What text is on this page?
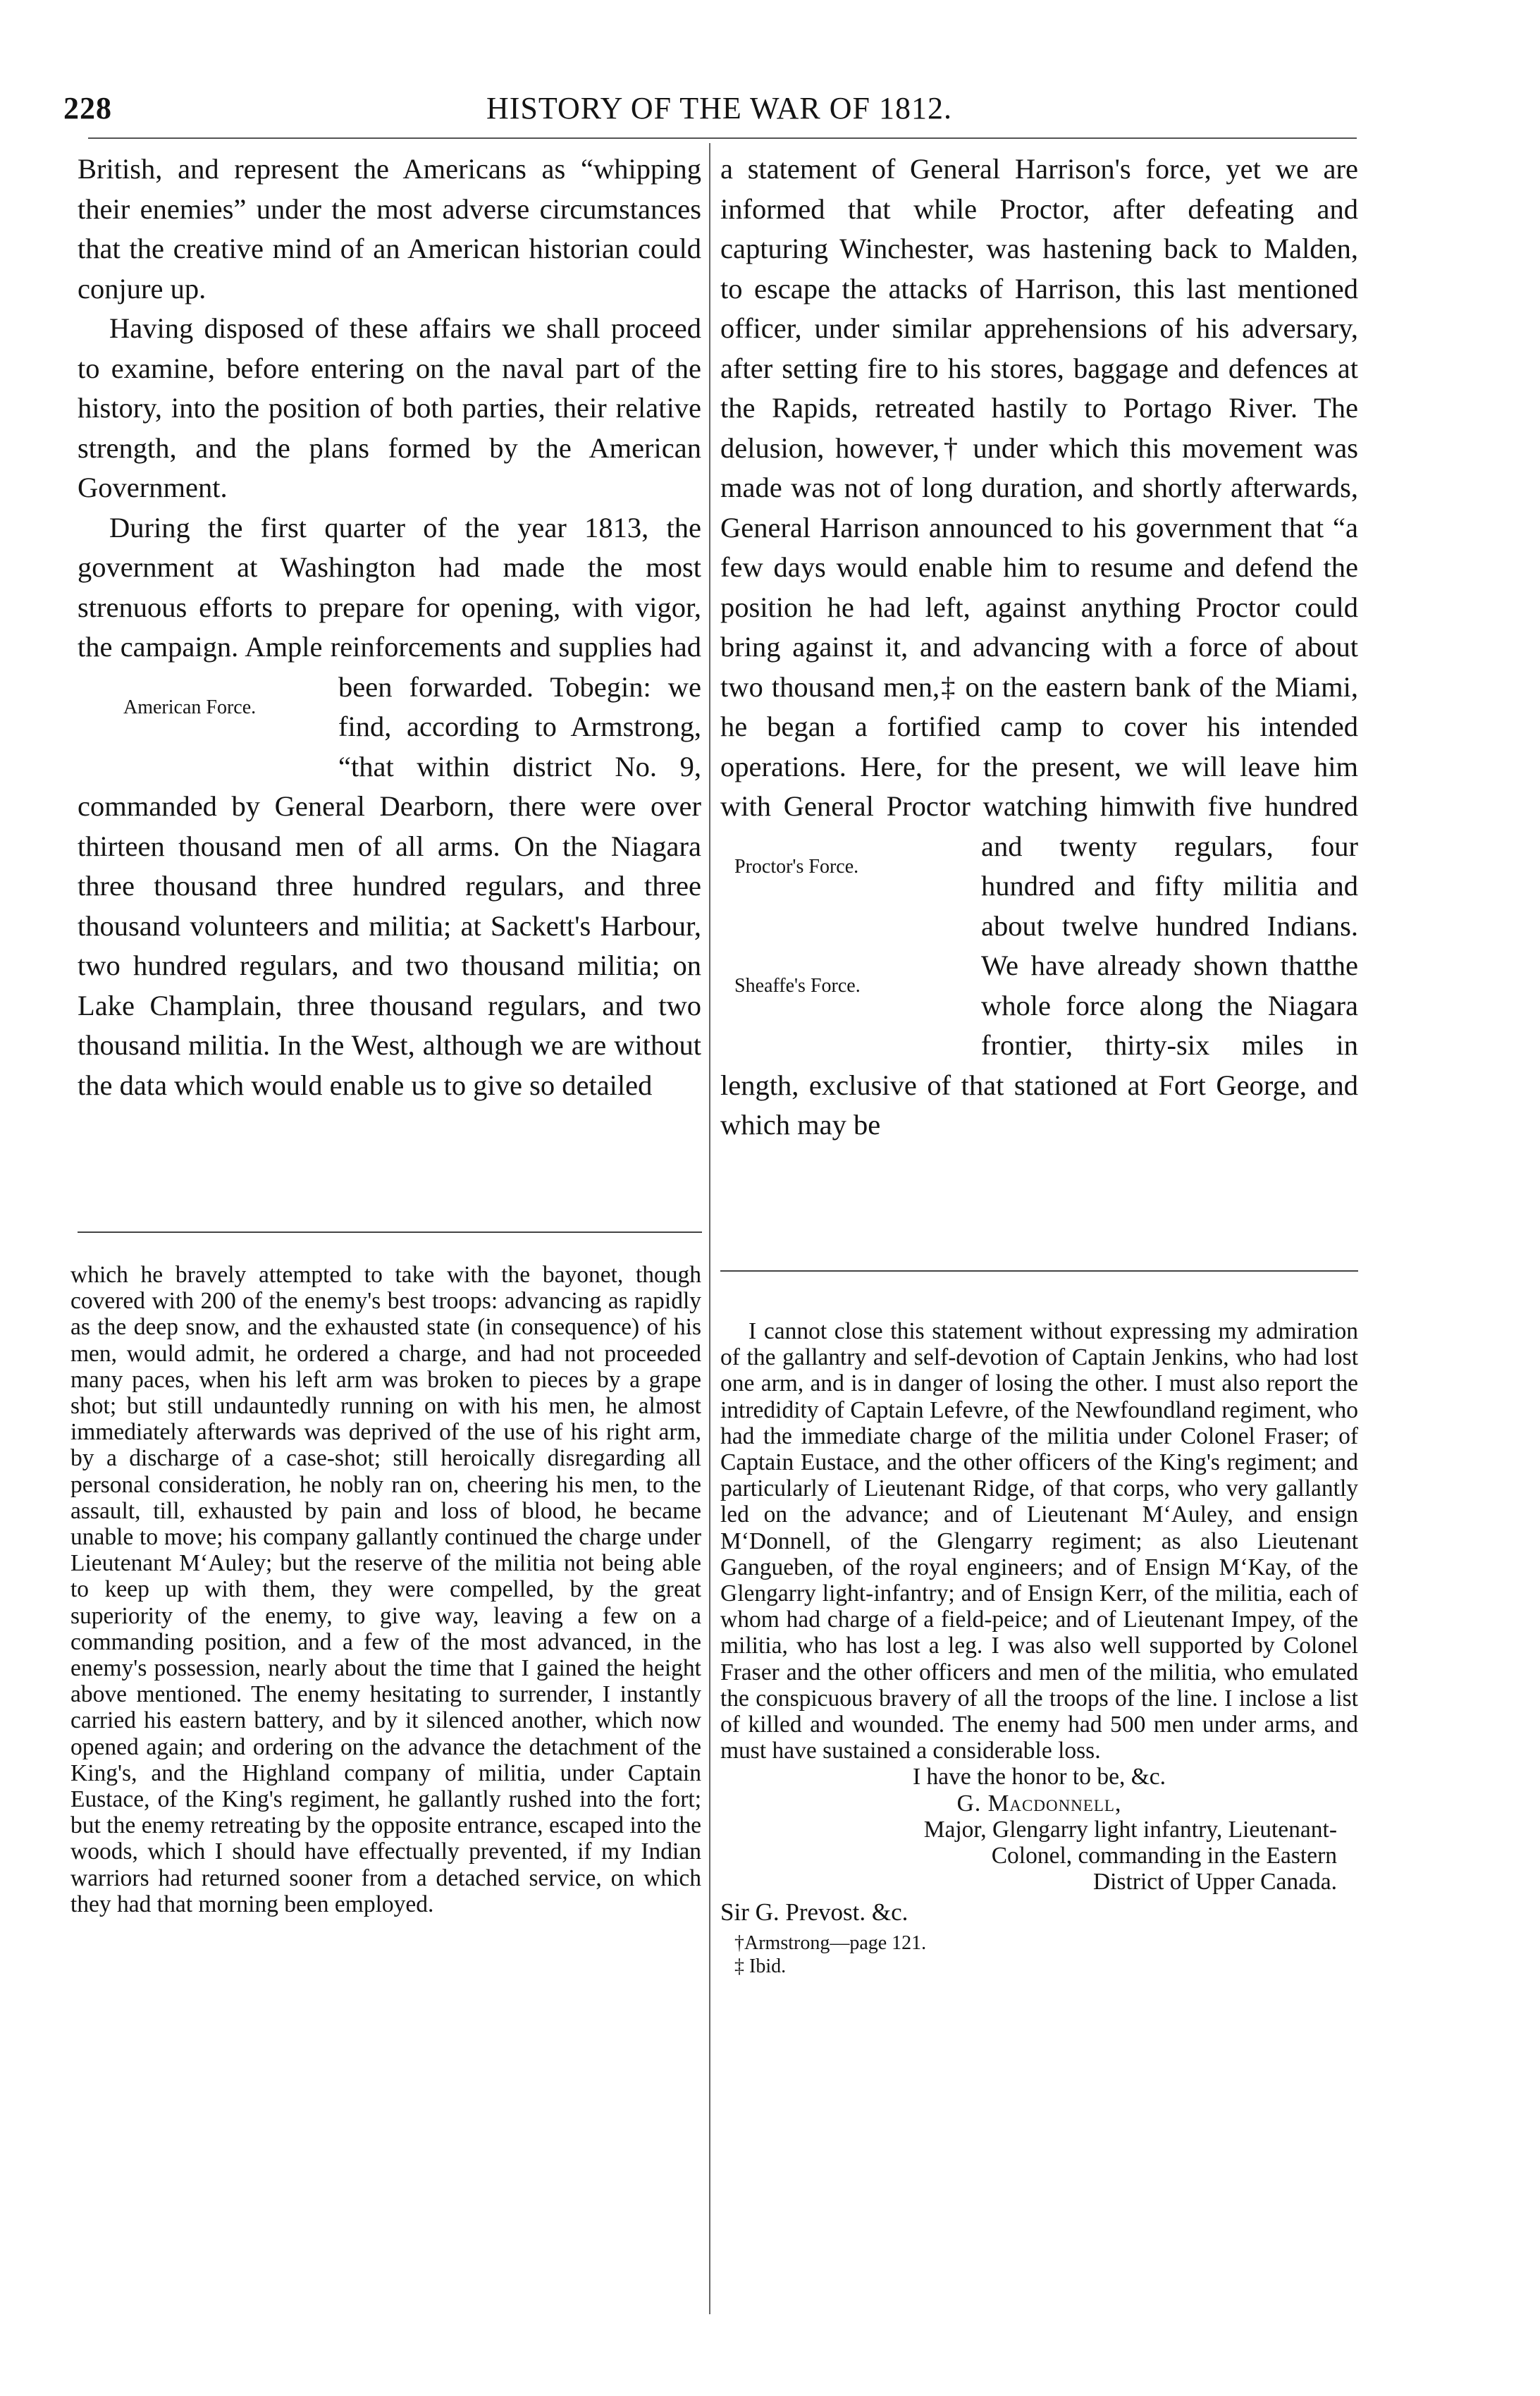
228	HISTORY OF THE WAR OF 1812.

British, and represent the Americans as “whipping their enemies” under the most adverse circumstances that the creative mind of an American historian could conjure up.

Having disposed of these affairs we shall proceed to examine, before entering on the naval part of the history, into the position of both parties, their relative strength, and the plans formed by the American Government.

During the first quarter of the year 1813, the government at Washington had made the most strenuous efforts to prepare for opening, with vigor, the campaign. Ample reinforcements and supplies had been forwarded. To
American Force.
begin: we find, according to Armstrong, “that within district No. 9, commanded by General Dearborn, there were over thirteen thousand men of all arms. On the Niagara three thousand three hundred regulars, and three thousand volunteers and militia; at Sackett's Harbour, two hundred regulars, and two thousand militia; on Lake Champlain, three thousand regulars, and two thousand militia. In the West, although we are without the data which would enable us to give so detailed

a statement of General Harrison's force, yet we are informed that while Proctor, after defeating and capturing Winchester, was hastening back to Malden, to escape the attacks of Harrison, this last mentioned officer, under similar apprehensions of his adversary, after setting fire to his stores, baggage and defences at the Rapids, retreated hastily to Portago River. The delusion, however,† under which this movement was made was not of long duration, and shortly afterwards, General Harrison announced to his government that “a few days would enable him to resume and defend the position he had left, against anything Proctor could bring against it, and advancing with a force of about two thousand men,‡ on the eastern bank of the Miami, he began a fortified camp to cover his intended operations. Here, for the present, we will leave him with General Proctor watching him
Proctor's Force.
with five hundred and twenty regulars, four hundred and fifty militia and about twelve hundred Indians. We have already shown that
Sheaffe's Force.
the whole force along the Niagara frontier, thirty-six miles in length, exclusive of that stationed at Fort George, and which may be

which he bravely attempted to take with the bayonet, though covered with 200 of the enemy's best troops: advancing as rapidly as the deep snow, and the exhausted state (in consequence) of his men, would admit, he ordered a charge, and had not proceeded many paces, when his left arm was broken to pieces by a grape shot; but still undauntedly running on with his men, he almost immediately afterwards was deprived of the use of his right arm, by a discharge of a case-shot; still heroically disregarding all personal consideration, he nobly ran on, cheering his men, to the assault, till, exhausted by pain and loss of blood, he became unable to move; his company gallantly continued the charge under Lieutenant M‘Auley; but the reserve of the militia not being able to keep up with them, they were compelled, by the great superiority of the enemy, to give way, leaving a few on a commanding position, and a few of the most advanced, in the enemy's possession, nearly about the time that I gained the height above mentioned. The enemy hesitating to surrender, I instantly carried his eastern battery, and by it silenced another, which now opened again; and ordering on the advance the detachment of the King's, and the Highland company of militia, under Captain Eustace, of the King's regiment, he gallantly rushed into the fort; but the enemy retreating by the opposite entrance, escaped into the woods, which I should have effectually prevented, if my Indian warriors had returned sooner from a detached service, on which they had that morning been employed.

I cannot close this statement without expressing my admiration of the gallantry and self-devotion of Captain Jenkins, who had lost one arm, and is in danger of losing the other. I must also report the intredidity of Captain Lefevre, of the Newfoundland regiment, who had the immediate charge of the militia under Colonel Fraser; of Captain Eustace, and the other officers of the King's regiment; and particularly of Lieutenant Ridge, of that corps, who very gallantly led on the advance; and of Lieutenant M‘Auley, and ensign M‘Donnell, of the Glengarry regiment; as also Lieutenant Gangueben, of the royal engineers; and of Ensign M‘Kay, of the Glengarry light-infantry; and of Ensign Kerr, of the militia, each of whom had charge of a field-peice; and of Lieutenant Impey, of the militia, who has lost a leg. I was also well supported by Colonel Fraser and the other officers and men of the militia, who emulated the conspicuous bravery of all the troops of the line. I inclose a list of killed and wounded. The enemy had 500 men under arms, and must have sustained a considerable loss.

I have the honor to be, &c.

G. Macdonnell,

Major, Glengarry light infantry, Lieutenant-

Colonel, commanding in the Eastern

District of Upper Canada.

Sir G. Prevost. &c.

†Armstrong—page 121.

‡ Ibid.
